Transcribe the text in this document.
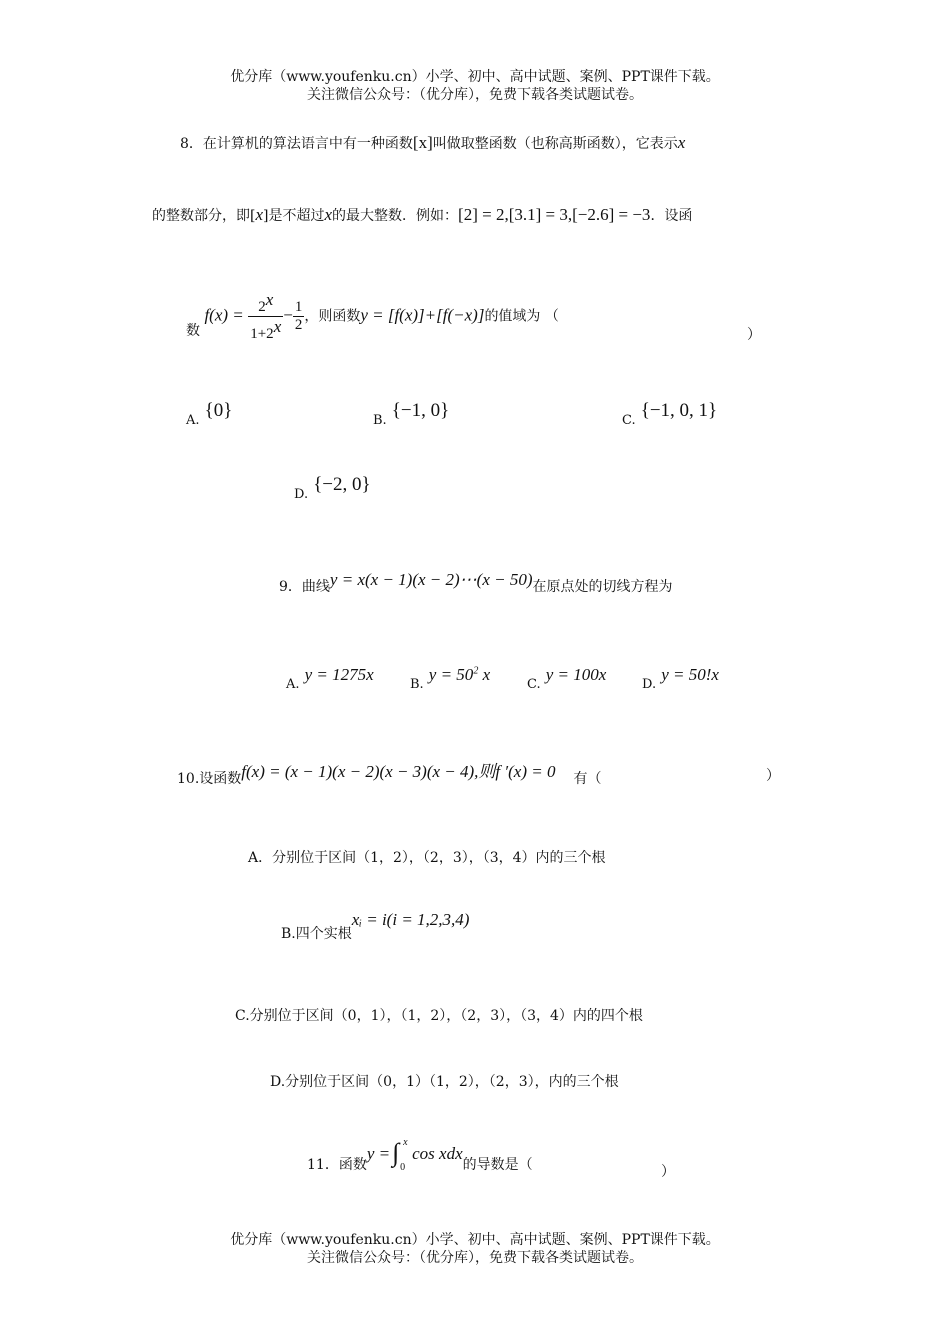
优分库（www.youfenku.cn）小学、初中、高中试题、案例、PPT课件下载。
关注微信公众号：（优分库），免费下载各类试题试卷。
8．在计算机的算法语言中有一种函数[x]叫做取整函数（也称高斯函数），它表示x
的整数部分，即[x]是不超过x的最大整数．例如：[2] = 2,[3.1] = 3,[−2.6] = −3．设函
数 $f(x) = \frac{2^x}{1+2^x} - \frac{1}{2}$ ，则函数y = [f(x)]+[f(−x)]的值域为 （
）
A. {0}	B. {−1, 0}	C. {−1, 0, 1}
D. {−2, 0}
9．曲线y = x(x − 1)(x − 2)⋯(x − 50)在原点处的切线方程为
$_{A.}$ y = 1275x
$_{B.}$ $y = 50^2$ x
$_{C.}$ y = 100x
$_{D.}$ y = 50!x
10.设函数f(x) = (x − 1)(x − 2)(x − 3)(x − 4),则f ′(x) = 0 有（	）
A．分别位于区间（1，2），（2，3），（3，4）内的三个根
B.四个实根xᵢ = i(i = 1,2,3,4)
C.分别位于区间（0，1），（1，2），（2，3），（3，4）内的四个根
D.分别位于区间（0，1）（1，2），（2，3），内的三个根
11．函数y = ∫ x
0
cos xdx的导数是（	）
优分库（www.youfenku.cn）小学、初中、高中试题、案例、PPT课件下载。
关注微信公众号：（优分库），免费下载各类试题试卷。
